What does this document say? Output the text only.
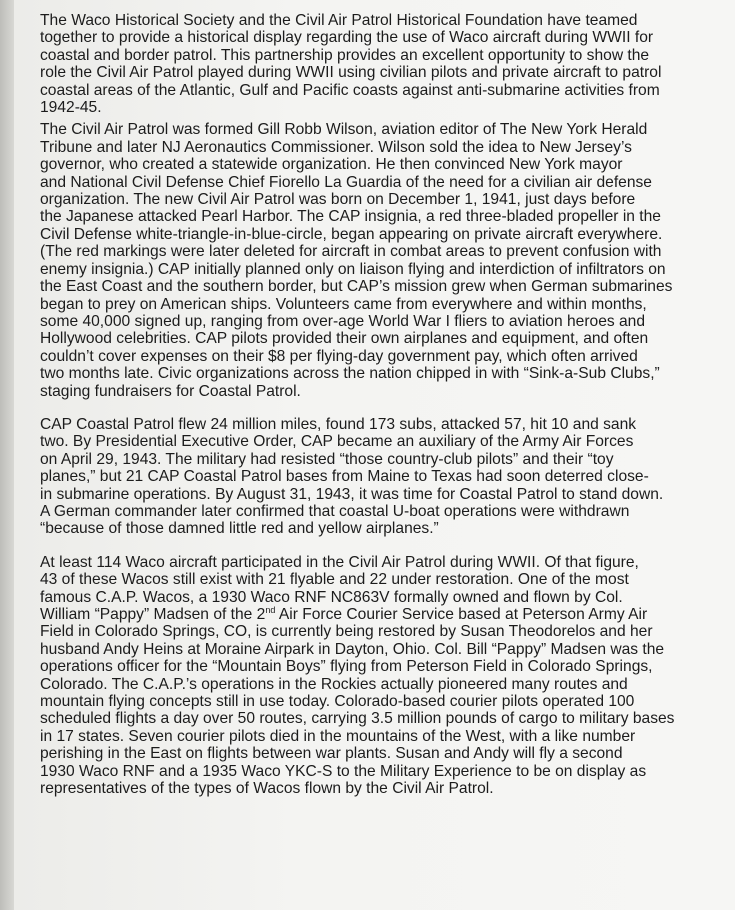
The Waco Historical Society and the Civil Air Patrol Historical Foundation have teamed
together to provide a historical display regarding the use of Waco aircraft during WWII for
coastal and border patrol. This partnership provides an excellent opportunity to show the
role the Civil Air Patrol played during WWII using civilian pilots and private aircraft to patrol
coastal areas of the Atlantic, Gulf and Pacific coasts against anti-submarine activities from
1942-45.

The Civil Air Patrol was formed Gill Robb Wilson, aviation editor of The New York Herald
Tribune and later NJ Aeronautics Commissioner. Wilson sold the idea to New Jersey’s
governor, who created a statewide organization. He then convinced New York mayor
and National Civil Defense Chief Fiorello La Guardia of the need for a civilian air defense
organization. The new Civil Air Patrol was born on December 1, 1941, just days before
the Japanese attacked Pearl Harbor. The CAP insignia, a red three-bladed propeller in the
Civil Defense white-triangle-in-blue-circle, began appearing on private aircraft everywhere.
(The red markings were later deleted for aircraft in combat areas to prevent confusion with
enemy insignia.) CAP initially planned only on liaison flying and interdiction of infiltrators on
the East Coast and the southern border, but CAP’s mission grew when German submarines
began to prey on American ships. Volunteers came from everywhere and within months,
some 40,000 signed up, ranging from over-age World War I fliers to aviation heroes and
Hollywood celebrities. CAP pilots provided their own airplanes and equipment, and often
couldn’t cover expenses on their $8 per flying-day government pay, which often arrived
two months late. Civic organizations across the nation chipped in with “Sink-a-Sub Clubs,”
staging fundraisers for Coastal Patrol.

CAP Coastal Patrol flew 24 million miles, found 173 subs, attacked 57, hit 10 and sank
two. By Presidential Executive Order, CAP became an auxiliary of the Army Air Forces
on April 29, 1943. The military had resisted “those country-club pilots” and their “toy
planes,” but 21 CAP Coastal Patrol bases from Maine to Texas had soon deterred close-
in submarine operations. By August 31, 1943, it was time for Coastal Patrol to stand down.
A German commander later confirmed that coastal U-boat operations were withdrawn
“because of those damned little red and yellow airplanes.”

At least 114 Waco aircraft participated in the Civil Air Patrol during WWII. Of that figure,
43 of these Wacos still exist with 21 flyable and 22 under restoration. One of the most
famous C.A.P. Wacos, a 1930 Waco RNF NC863V formally owned and flown by Col.
William “Pappy” Madsen of the 2nd Air Force Courier Service based at Peterson Army Air
Field in Colorado Springs, CO, is currently being restored by Susan Theodorelos and her
husband Andy Heins at Moraine Airpark in Dayton, Ohio. Col. Bill “Pappy” Madsen was the
operations officer for the “Mountain Boys” flying from Peterson Field in Colorado Springs,
Colorado. The C.A.P.’s operations in the Rockies actually pioneered many routes and
mountain flying concepts still in use today. Colorado-based courier pilots operated 100
scheduled flights a day over 50 routes, carrying 3.5 million pounds of cargo to military bases
in 17 states. Seven courier pilots died in the mountains of the West, with a like number
perishing in the East on flights between war plants. Susan and Andy will fly a second
1930 Waco RNF and a 1935 Waco YKC-S to the Military Experience to be on display as
representatives of the types of Wacos flown by the Civil Air Patrol.
